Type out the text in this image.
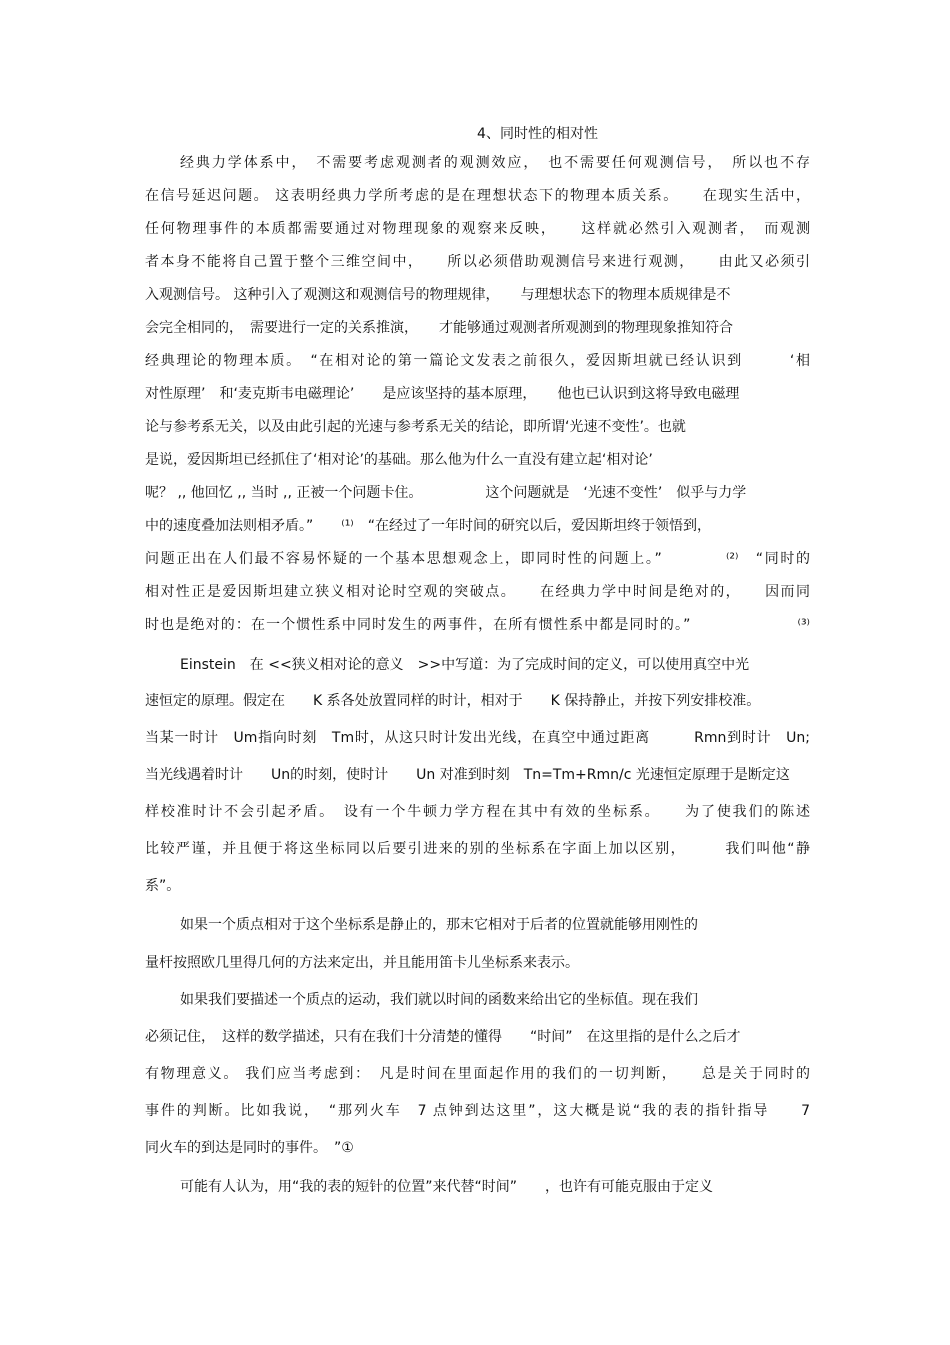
4、同时性的相对性
经典力学体系中，　不需要考虑观测者的观测效应，　也不需要任何观测信号，　所以也不存
在信号延迟问题。 这表明经典力学所考虑的是在理想状态下的物理本质关系。　　在现实生活中，
任何物理事件的本质都需要通过对物理现象的观察来反映，　　这样就必然引入观测者，　而观测
者本身不能将自己置于整个三维空间中，　　所以必须借助观测信号来进行观测，　　由此又必须引
入观测信号。 这种引入了观测这和观测信号的物理规律，　　与理想状态下的物理本质规律是不
会完全相同的，　需要进行一定的关系推演，　　才能够通过观测者所观测到的物理现象推知符合
经典理论的物理本质。　“在相对论的第一篇论文发表之前很久，爱因斯坦就已经认识到　　　‘相
对性原理’　和‘麦克斯韦电磁理论’　　是应该坚持的基本原理，　　他也已认识到这将导致电磁理
论与参考系无关，以及由此引起的光速与参考系无关的结论，即所谓‘光速不变性’。也就
是说，爱因斯坦已经抓住了‘相对论’的基础。那么他为什么一直没有建立起‘相对论’
呢？ ,, 他回忆 ,, 当时 ,, 正被一个问题卡住。　　　　　这个问题就是　‘光速不变性’　似乎与力学
中的速度叠加法则相矛盾。”　　⁽¹⁾　“在经过了一年时间的研究以后，爱因斯坦终于领悟到，
问题正出在人们最不容易怀疑的一个基本思想观念上，即同时性的问题上。”　　　　⁽²⁾　“同时的
相对性正是爱因斯坦建立狭义相对论时空观的突破点。　　在经典力学中时间是绝对的，　　因而同
时也是绝对的：在一个惯性系中同时发生的两事件，在所有惯性系中都是同时的。”　　　　　　　⁽³⁾
Einstein　在 <<狭义相对论的意义　>>中写道：为了完成时间的定义，可以使用真空中光
速恒定的原理。假定在　　K 系各处放置同样的时计，相对于　　K 保持静止，并按下列安排校准。
当某一时计　Um指向时刻　Tm时，从这只时计发出光线，在真空中通过距离　　　Rmn到时计　Un;
当光线遇着时计　　Un的时刻，使时计　　Un 对准到时刻　Tn=Tm+Rmn/c 光速恒定原理于是断定这
样校准时计不会引起矛盾。　设有一个牛顿力学方程在其中有效的坐标系。　　为了使我们的陈述
比较严谨，并且便于将这坐标同以后要引进来的别的坐标系在字面上加以区别，　　　我们叫他“静
系”。
如果一个质点相对于这个坐标系是静止的，那末它相对于后者的位置就能够用刚性的
量杆按照欧几里得几何的方法来定出，并且能用笛卡儿坐标系来表示。
如果我们要描述一个质点的运动，我们就以时间的函数来给出它的坐标值。现在我们
必须记住，　这样的数学描述，只有在我们十分清楚的懂得　　“时间”　在这里指的是什么之后才
有物理意义。 我们应当考虑到：　凡是时间在里面起作用的我们的一切判断，　　总是关于同时的
事件的判断。比如我说，　“那列火车　7 点钟到达这里”，这大概是说“我的表的指针指导　　7
同火车的到达是同时的事件。　”①
可能有人认为，用“我的表的短针的位置”来代替“时间”　　，也许有可能克服由于定义
